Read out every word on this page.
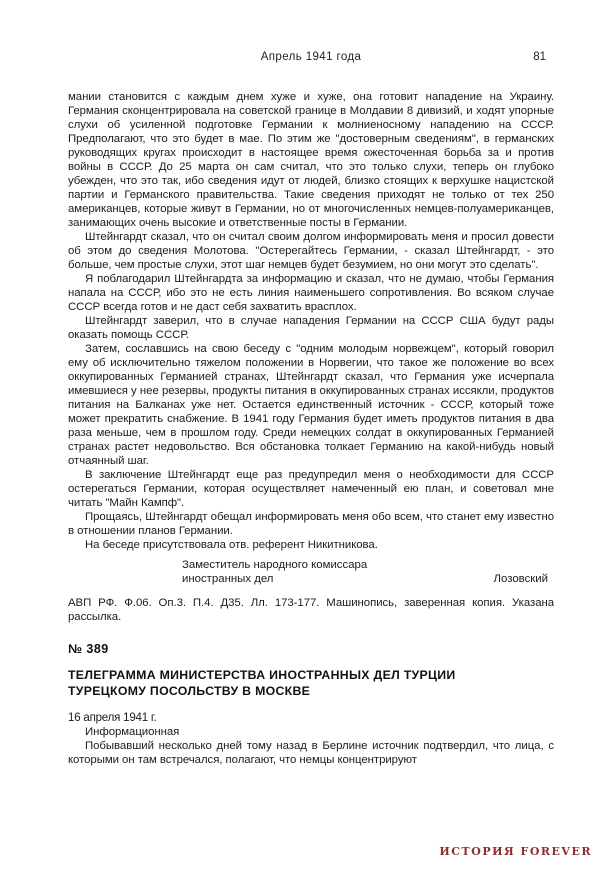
Апрель 1941 года	81

мании становится с каждым днем хуже и хуже, она готовит нападение на Украину. Германия сконцентрировала на советской границе в Молдавии 8 дивизий, и ходят упорные слухи об усиленной подготовке Германии к молниеносному нападению на СССР. Предполагают, что это будет в мае. По этим же "достоверным сведениям", в германских руководящих кругах происходит в настоящее время ожесточенная борьба за и против войны в СССР. До 25 марта он сам считал, что это только слухи, теперь он глубоко убежден, что это так, ибо сведения идут от людей, близко стоящих к верхушке нацистской партии и Германского правительства. Такие сведения приходят не только от тех 250 американцев, которые живут в Германии, но от многочисленных немцев-полуамериканцев, занимающих очень высокие и ответственные посты в Германии.

Штейнгардт сказал, что он считал своим долгом информировать меня и просил довести об этом до сведения Молотова. "Остерегайтесь Германии, - сказал Штейнгардт, - это больше, чем простые слухи, этот шаг немцев будет безумием, но они могут это сделать".

Я поблагодарил Штейнгардта за информацию и сказал, что не думаю, чтобы Германия напала на СССР, ибо это не есть линия наименьшего сопротивления. Во всяком случае СССР всегда готов и не даст себя захватить врасплох.

Штейнгардт заверил, что в случае нападения Германии на СССР США будут рады оказать помощь СССР.

Затем, сославшись на свою беседу с "одним молодым норвежцем", который говорил ему об исключительно тяжелом положении в Норвегии, что такое же положение во всех оккупированных Германией странах, Штейнгардт сказал, что Германия уже исчерпала имевшиеся у нее резервы, продукты питания в оккупированных странах иссякли, продуктов питания на Балканах уже нет. Остается единственный источник - СССР, который тоже может прекратить снабжение. В 1941 году Германия будет иметь продуктов питания в два раза меньше, чем в прошлом году. Среди немецких солдат в оккупированных Германией странах растет недовольство. Вся обстановка толкает Германию на какой-нибудь новый отчаянный шаг.

В заключение Штейнгардт еще раз предупредил меня о необходимости для СССР остерегаться Германии, которая осуществляет намеченный ею план, и советовал мне читать "Майн Кампф".

Прощаясь, Штейнгардт обещал информировать меня обо всем, что станет ему известно в отношении планов Германии.

На беседе присутствовала отв. референт Никитникова.

Заместитель народного комиссара
иностранных дел	Лозовский

АВП РФ. Ф.06. Оп.3. П.4. Д35. Лл. 173-177. Машинопись, заверенная копия. Указана рассылка.

№ 389
ТЕЛЕГРАММА МИНИСТЕРСТВА ИНОСТРАННЫХ ДЕЛ ТУРЦИИ
ТУРЕЦКОМУ ПОСОЛЬСТВУ В МОСКВЕ

16 апреля 1941 г.

Информационная

Побывавший несколько дней тому назад в Берлине источник подтвердил, что лица, с которыми он там встречался, полагают, что немцы концентрируют

ИСТОРИЯ FOREVER
